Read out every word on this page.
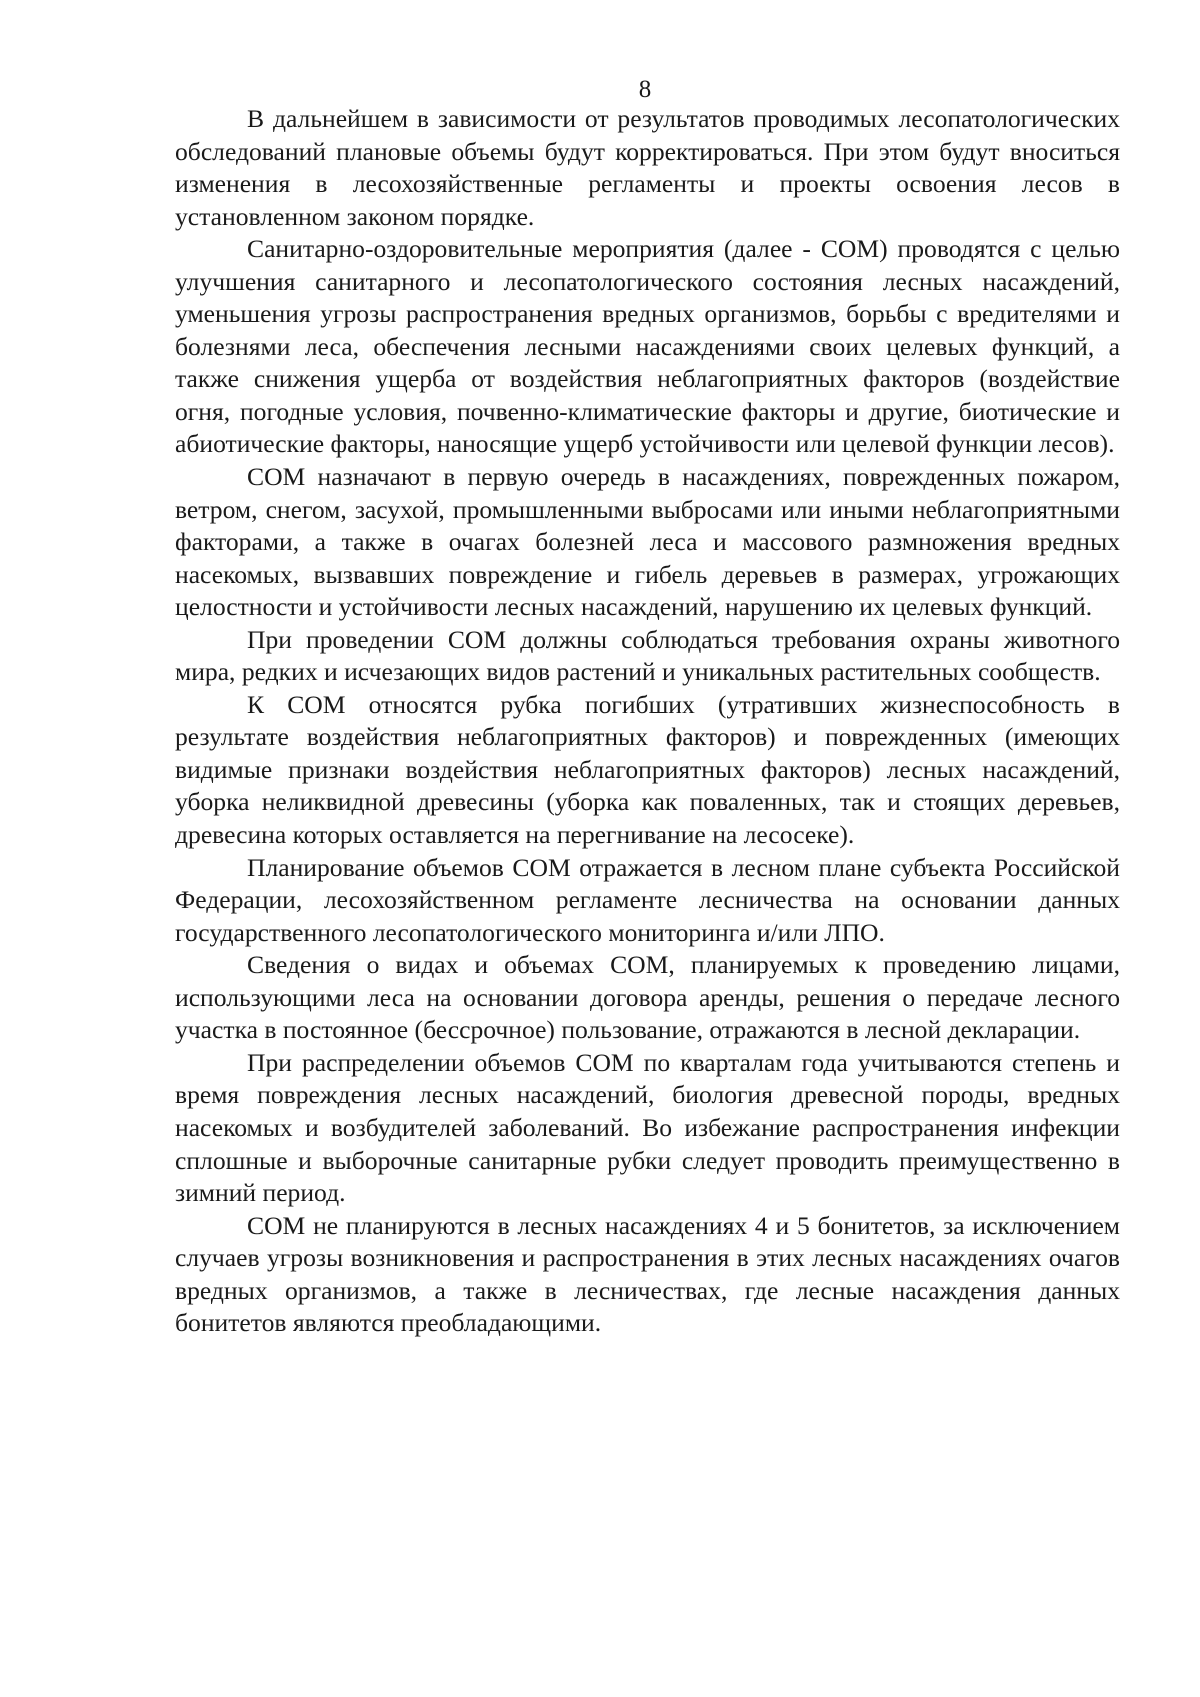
8

В дальнейшем в зависимости от результатов проводимых лесопатологических обследований плановые объемы будут корректироваться. При этом будут вноситься изменения в лесохозяйственные регламенты и проекты освоения лесов в установленном законом порядке.

Санитарно-оздоровительные мероприятия (далее - СОМ) проводятся с целью улучшения санитарного и лесопатологического состояния лесных насаждений, уменьшения угрозы распространения вредных организмов, борьбы с вредителями и болезнями леса, обеспечения лесными насаждениями своих целевых функций, а также снижения ущерба от воздействия неблагоприятных факторов (воздействие огня, погодные условия, почвенно-климатические факторы и другие, биотические и абиотические факторы, наносящие ущерб устойчивости или целевой функции лесов).

СОМ назначают в первую очередь в насаждениях, поврежденных пожаром, ветром, снегом, засухой, промышленными выбросами или иными неблагоприятными факторами, а также в очагах болезней леса и массового размножения вредных насекомых, вызвавших повреждение и гибель деревьев в размерах, угрожающих целостности и устойчивости лесных насаждений, нарушению их целевых функций.

При проведении СОМ должны соблюдаться требования охраны животного мира, редких и исчезающих видов растений и уникальных растительных сообществ.

К СОМ относятся рубка погибших (утративших жизнеспособность в результате воздействия неблагоприятных факторов) и поврежденных (имеющих видимые признаки воздействия неблагоприятных факторов) лесных насаждений, уборка неликвидной древесины (уборка как поваленных, так и стоящих деревьев, древесина которых оставляется на перегнивание на лесосеке).

Планирование объемов СОМ отражается в лесном плане субъекта Российской Федерации, лесохозяйственном регламенте лесничества на основании данных государственного лесопатологического мониторинга и/или ЛПО.

Сведения о видах и объемах СОМ, планируемых к проведению лицами, использующими леса на основании договора аренды, решения о передаче лесного участка в постоянное (бессрочное) пользование, отражаются в лесной декларации.

При распределении объемов СОМ по кварталам года учитываются степень и время повреждения лесных насаждений, биология древесной породы, вредных насекомых и возбудителей заболеваний. Во избежание распространения инфекции сплошные и выборочные санитарные рубки следует проводить преимущественно в зимний период.

СОМ не планируются в лесных насаждениях 4 и 5 бонитетов, за исключением случаев угрозы возникновения и распространения в этих лесных насаждениях очагов вредных организмов, а также в лесничествах, где лесные насаждения данных бонитетов являются преобладающими.
